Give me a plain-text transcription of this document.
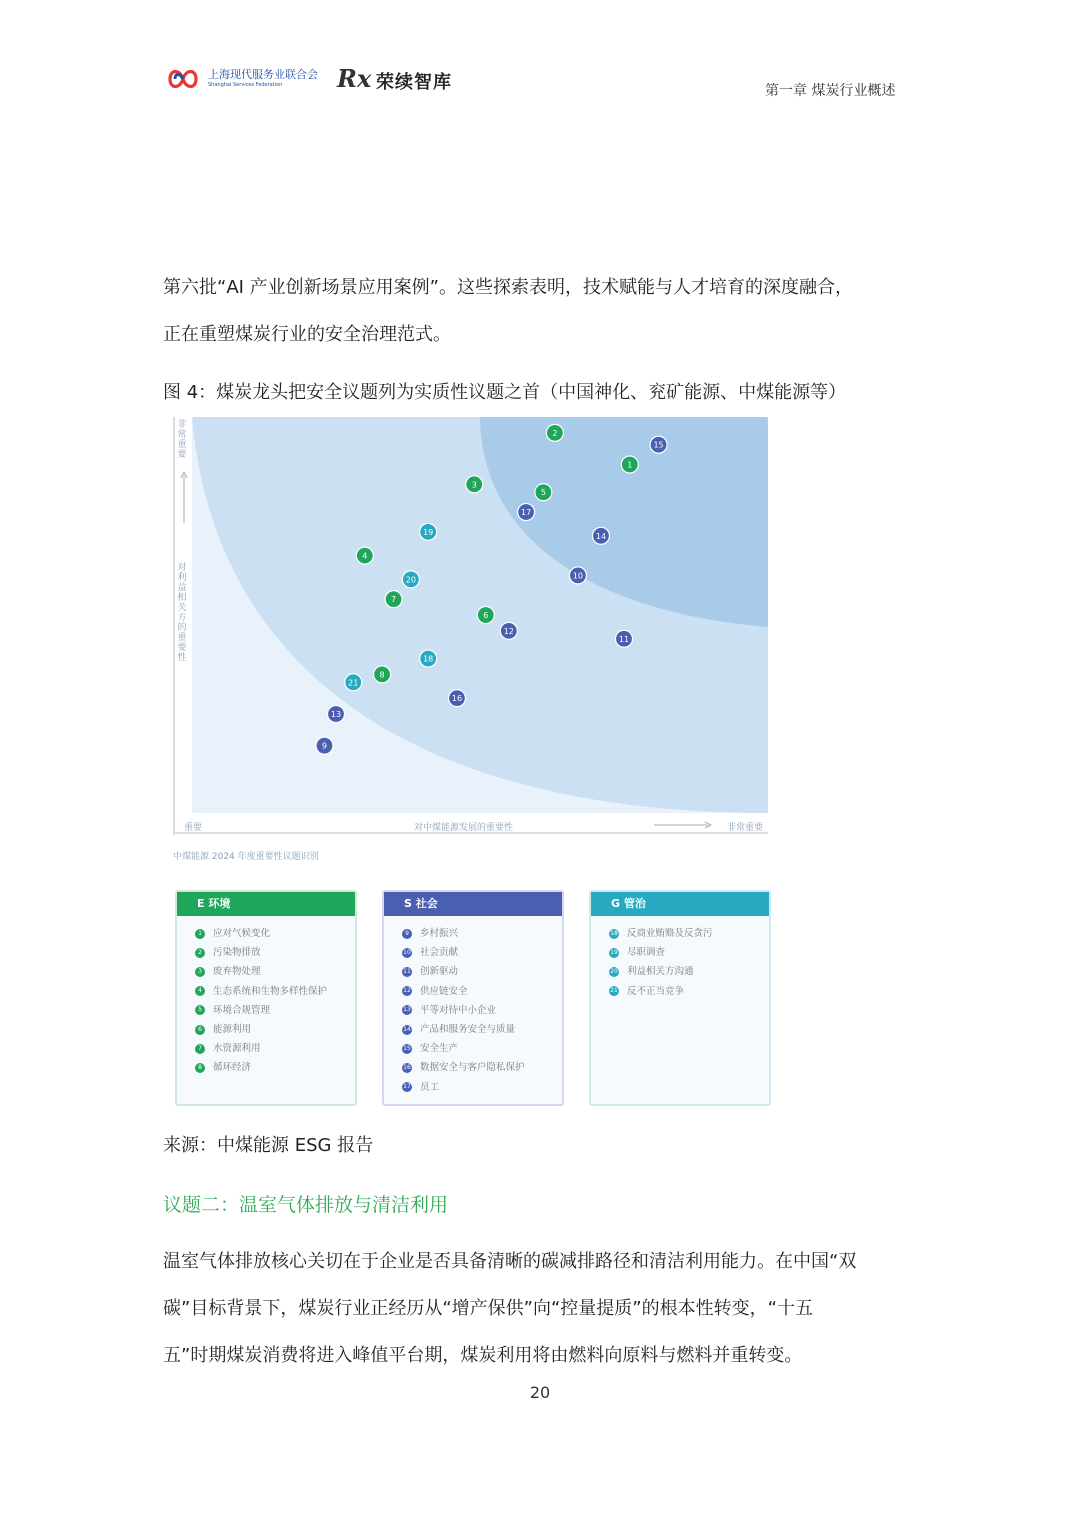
上海现代服务业联合会
Shanghai Services Federation Rx 荣续智库	第一章 煤炭行业概述
第六批“AI 产业创新场景应用案例”。这些探索表明，技术赋能与人才培育的深度融合，
正在重塑煤炭行业的安全治理范式。
图 4：煤炭龙头把安全议题列为实质性议题之首（中国神化、兖矿能源、中煤能源等）
1
2
3
4
5
6
7
8
9
10
11
12
13
14
15
16
17
18
19
20
21
非常重要
对利益相关方的重要性
重要	对中煤能源发展的重要性	非常重要
中煤能源 2024 年度重要性议题识别
E 环境
1	应对气候变化
2	污染物排放
3	废弃物处理
4	生态系统和生物多样性保护
5	环境合规管理
6	能源利用
7	水资源利用
8	循环经济
S 社会
9	乡村振兴
10 社会贡献
11 创新驱动
12 供应链安全
13 平等对待中小企业
14 产品和服务安全与质量
15 安全生产
16 数据安全与客户隐私保护
17 员工
G 管治
18 反商业贿赂及反贪污
19 尽职调查
20 利益相关方沟通
21 反不正当竞争
来源：中煤能源 ESG 报告
议题二：温室气体排放与清洁利用
温室气体排放核心关切在于企业是否具备清晰的碳减排路径和清洁利用能力。在中国“双
碳”目标背景下，煤炭行业正经历从“增产保供”向“控量提质”的根本性转变，“十五
五”时期煤炭消费将进入峰值平台期，煤炭利用将由燃料向原料与燃料并重转变。
20
